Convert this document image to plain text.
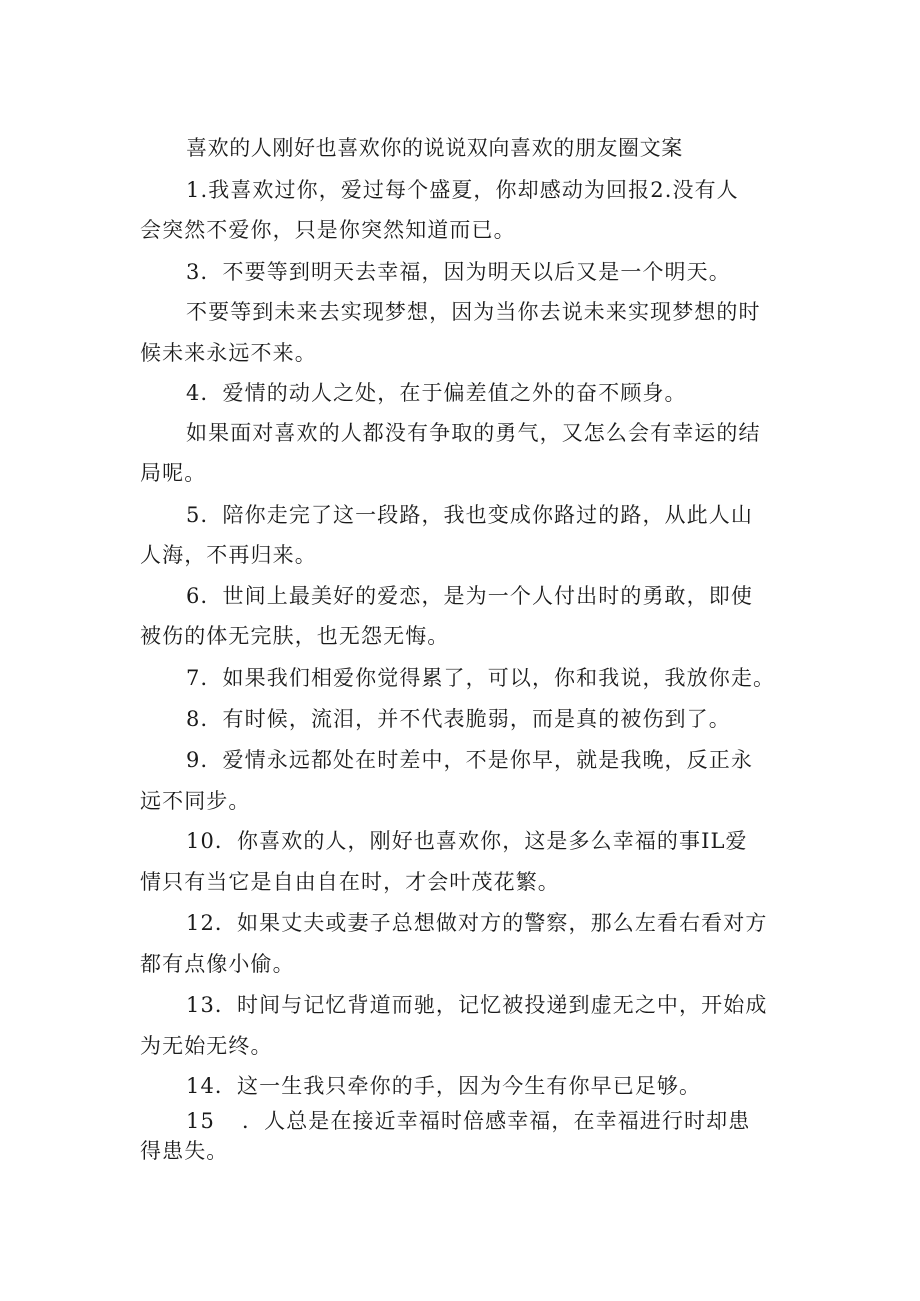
喜欢的人刚好也喜欢你的说说双向喜欢的朋友圈文案
1.我喜欢过你，爱过每个盛夏，你却感动为回报2.没有人
会突然不爱你，只是你突然知道而已。
3．不要等到明天去幸福，因为明天以后又是一个明天。
不要等到未来去实现梦想，因为当你去说未来实现梦想的时
候未来永远不来。
4．爱情的动人之处，在于偏差值之外的奋不顾身。
如果面对喜欢的人都没有争取的勇气，又怎么会有幸运的结
局呢。
5．陪你走完了这一段路，我也变成你路过的路，从此人山
人海，不再归来。
6．世间上最美好的爱恋，是为一个人付出时的勇敢，即使
被伤的体无完肤，也无怨无悔。
7．如果我们相爱你觉得累了，可以，你和我说，我放你走。
8．有时候，流泪，并不代表脆弱，而是真的被伤到了。
9．爱情永远都处在时差中，不是你早，就是我晚，反正永
远不同步。
10．你喜欢的人，刚好也喜欢你，这是多么幸福的事IL爱
情只有当它是自由自在时，才会叶茂花繁。
12．如果丈夫或妻子总想做对方的警察，那么左看右看对方
都有点像小偷。
13．时间与记忆背道而驰，记忆被投递到虚无之中，开始成
为无始无终。
14．这一生我只牵你的手，因为今生有你早已足够。
15 ．人总是在接近幸福时倍感幸福，在幸福进行时却患
得患失。
